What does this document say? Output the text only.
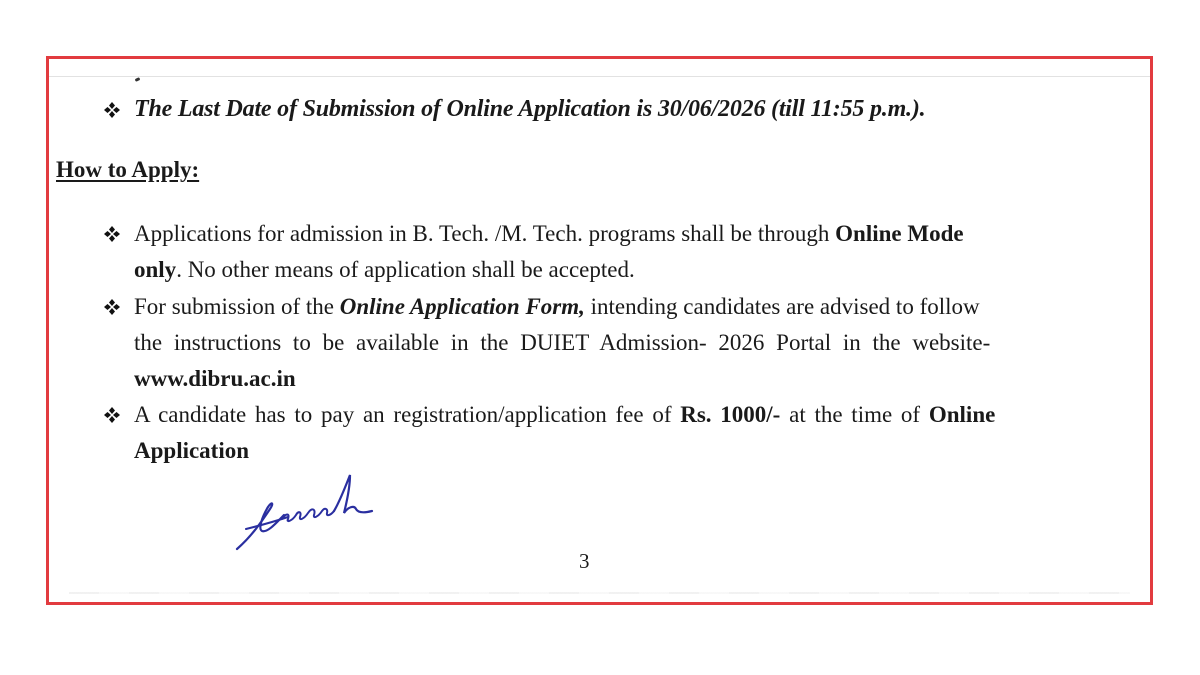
The Last Date of Submission of Online Application is 30/06/2026 (till 11:55 p.m.).
How to Apply:
Applications for admission in B. Tech. /M. Tech. programs shall be through Online Mode
only. No other means of application shall be accepted.
For submission of the Online Application Form, intending candidates are advised to follow
the instructions to be available in the DUIET Admission- 2026 Portal in the website-
www.dibru.ac.in
A candidate has to pay an registration/application fee of Rs. 1000/- at the time of Online
Application
3
